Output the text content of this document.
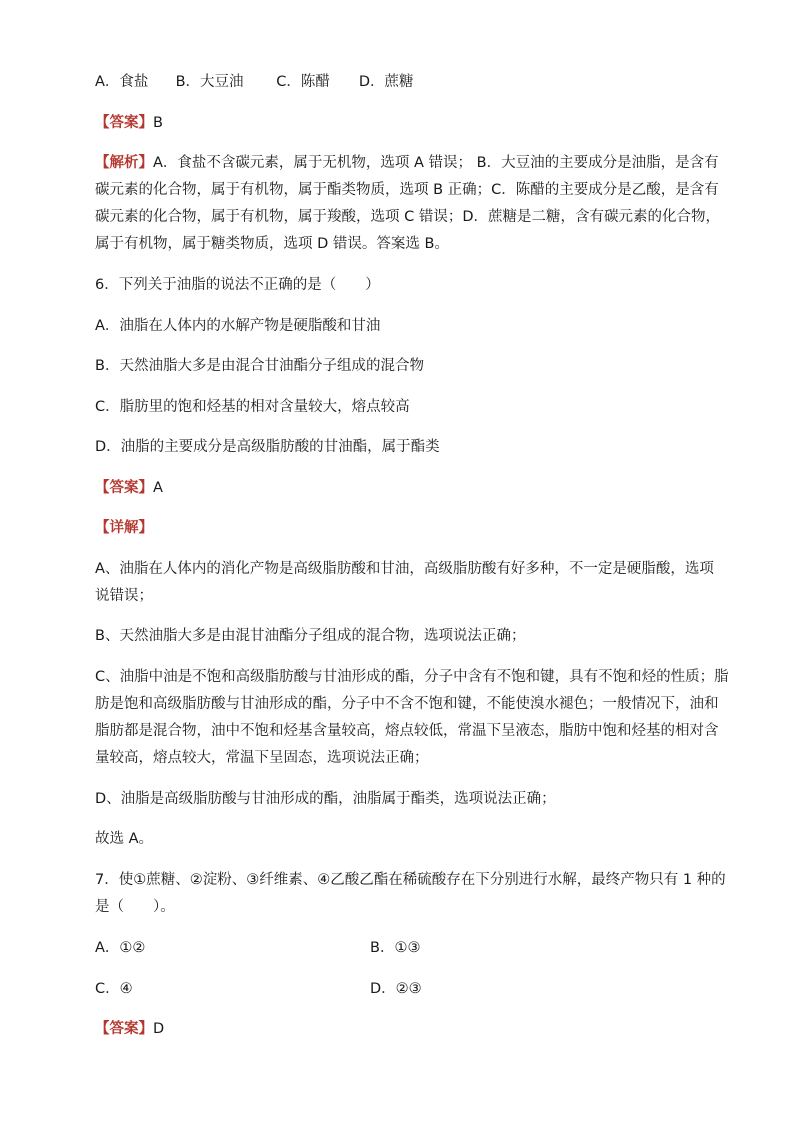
A．食盐 B．大豆油 C．陈醋 D．蔗糖
【答案】B
【解析】A．食盐不含碳元素，属于无机物，选项 A 错误； B．大豆油的主要成分是油脂，是含有
碳元素的化合物，属于有机物，属于酯类物质，选项 B 正确；C．陈醋的主要成分是乙酸，是含有
碳元素的化合物，属于有机物，属于羧酸，选项 C 错误；D．蔗糖是二糖，含有碳元素的化合物，
属于有机物，属于糖类物质，选项 D 错误。答案选 B。
6．下列关于油脂的说法不正确的是（　　）
A．油脂在人体内的水解产物是硬脂酸和甘油
B．天然油脂大多是由混合甘油酯分子组成的混合物
C．脂肪里的饱和烃基的相对含量较大，熔点较高
D．油脂的主要成分是高级脂肪酸的甘油酯，属于酯类
【答案】A
【详解】
A、油脂在人体内的消化产物是高级脂肪酸和甘油，高级脂肪酸有好多种，不一定是硬脂酸，选项
说错误；
B、天然油脂大多是由混甘油酯分子组成的混合物，选项说法正确；
C、油脂中油是不饱和高级脂肪酸与甘油形成的酯，分子中含有不饱和键，具有不饱和烃的性质；脂
肪是饱和高级脂肪酸与甘油形成的酯，分子中不含不饱和键，不能使溴水褪色；一般情况下，油和
脂肪都是混合物，油中不饱和烃基含量较高，熔点较低，常温下呈液态，脂肪中饱和烃基的相对含
量较高，熔点较大，常温下呈固态，选项说法正确；
D、油脂是高级脂肪酸与甘油形成的酯，油脂属于酯类，选项说法正确；
故选 A。
7．使①蔗糖、②淀粉、③纤维素、④乙酸乙酯在稀硫酸存在下分别进行水解，最终产物只有 1 种的
是（　　）。
A．①②	B．①③
C．④	D．②③
【答案】D
